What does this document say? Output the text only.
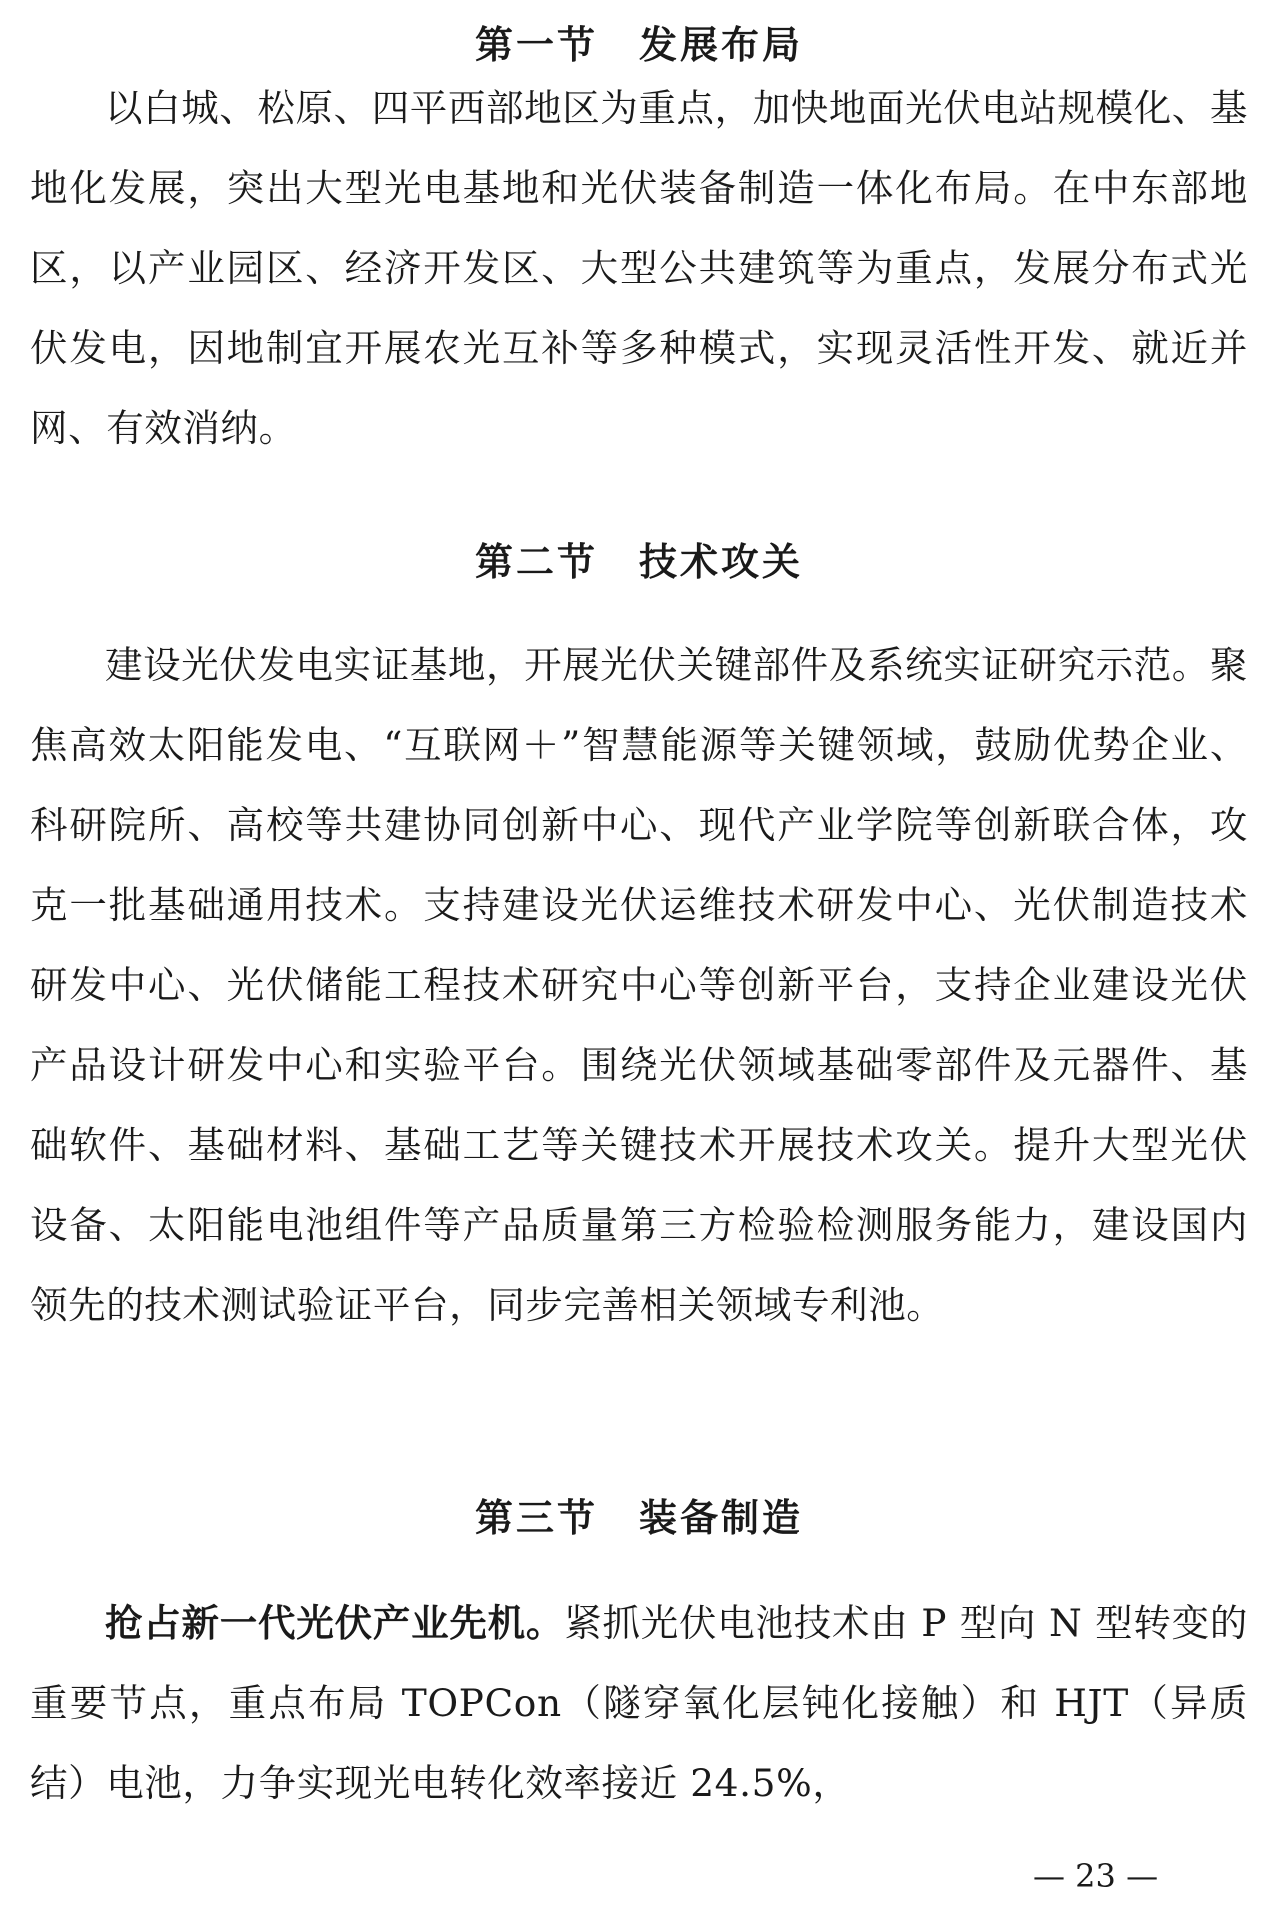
第一节　发展布局

以白城、松原、四平西部地区为重点，加快地面光伏电站规模化、基地化发展，突出大型光电基地和光伏装备制造一体化布局。在中东部地区，以产业园区、经济开发区、大型公共建筑等为重点，发展分布式光伏发电，因地制宜开展农光互补等多种模式，实现灵活性开发、就近并网、有效消纳。

第二节　技术攻关

建设光伏发电实证基地，开展光伏关键部件及系统实证研究示范。聚焦高效太阳能发电、“互联网＋”智慧能源等关键领域，鼓励优势企业、科研院所、高校等共建协同创新中心、现代产业学院等创新联合体，攻克一批基础通用技术。支持建设光伏运维技术研发中心、光伏制造技术研发中心、光伏储能工程技术研究中心等创新平台，支持企业建设光伏产品设计研发中心和实验平台。围绕光伏领域基础零部件及元器件、基础软件、基础材料、基础工艺等关键技术开展技术攻关。提升大型光伏设备、太阳能电池组件等产品质量第三方检验检测服务能力，建设国内领先的技术测试验证平台，同步完善相关领域专利池。

第三节　装备制造

抢占新一代光伏产业先机。紧抓光伏电池技术由 P 型向 N 型转变的重要节点，重点布局 TOPCon（隧穿氧化层钝化接触）和 HJT（异质结）电池，力争实现光电转化效率接近 24.5%，

— 23 —
